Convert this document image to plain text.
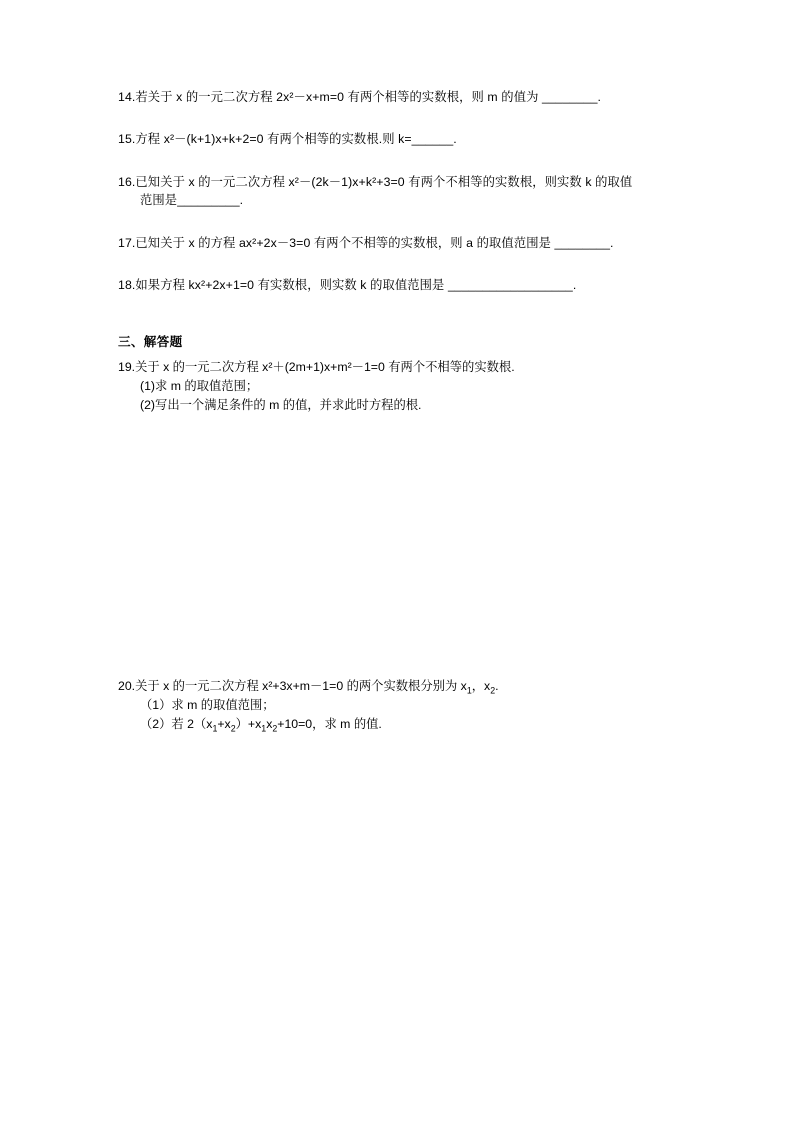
14.若关于 x 的一元二次方程 2x²－x+m=0 有两个相等的实数根，则 m 的值为 ________.
15.方程 x²－(k+1)x+k+2=0 有两个相等的实数根.则 k=______.
16.已知关于 x 的一元二次方程 x²－(2k－1)x+k²+3=0 有两个不相等的实数根，则实数 k 的取值
范围是_________.
17.已知关于 x 的方程 ax²+2x－3=0 有两个不相等的实数根，则 a 的取值范围是 ________.
18.如果方程 kx²+2x+1=0 有实数根，则实数 k 的取值范围是 __________________.
三、解答题
19.关于 x 的一元二次方程 x²＋(2m+1)x+m²－1=0 有两个不相等的实数根.
(1)求 m 的取值范围；
(2)写出一个满足条件的 m 的值，并求此时方程的根.
20.关于 x 的一元二次方程 x²+3x+m－1=0 的两个实数根分别为 $x_1$，$x_2$.
（1）求 m 的取值范围；
（2）若 $2(x_1+x_2)+x_1x_2+10=0$，求 m 的值.
